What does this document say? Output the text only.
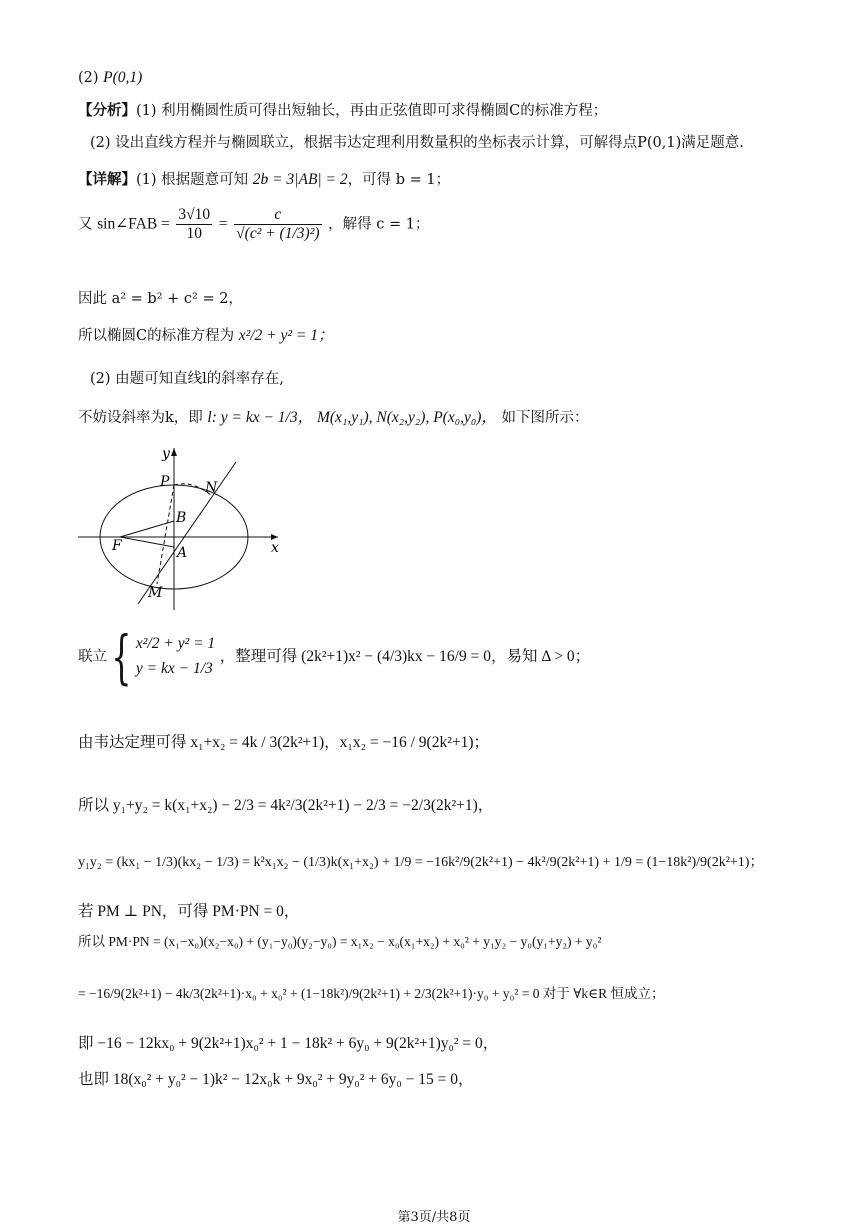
(2) P(0,1)
【分析】(1) 利用椭圆性质可得出短轴长，再由正弦值即可求得椭圆C的标准方程；
(2) 设出直线方程并与椭圆联立，根据韦达定理利用数量积的坐标表示计算，可解得点P(0,1)满足题意.
【详解】(1) 根据题意可知 2b = 3|AB| = 2，可得 b = 1；
又 sin∠FAB = $\frac{3√10}{10} = \frac{c}{\text{√(c² + (1/3)²)}}$ ，解得 c = 1；
因此 a² = b² + c² = 2，
所以椭圆C的标准方程为 x²/2 + y² = 1；
(2) 由题可知直线l的斜率存在,
不妨设斜率为k，即 l: y = kx − 1/3， M(x₁,y₁), N(x₂,y₂), P(x₀,y₀)， 如下图所示：
y
x
P	N
B
F	A
M
联立{ x²/2 + y² = 1
y = kx − 1/3
，整理可得 (2k²+1)x² − (4/3)kx − 16/9 = 0，易知 Δ > 0；
由韦达定理可得 x₁+x₂ = 4k / 3(2k²+1)，x₁x₂ = −16 / 9(2k²+1)；
所以 y₁+y₂ = k(x₁+x₂) − 2/3 = 4k²/3(2k²+1) − 2/3 = −2/3(2k²+1)，
y₁y₂ = (kx₁ − 1/3)(kx₂ − 1/3) = k²x₁x₂ − (1/3)k(x₁+x₂) + 1/9 = −16k²/9(2k²+1) − 4k²/9(2k²+1) + 1/9 = (1−18k²)/9(2k²+1)；
若 PM ⊥ PN，可得 PM·PN = 0，
所以 PM·PN = (x₁−x₀)(x₂−x₀) + (y₁−y₀)(y₂−y₀) = x₁x₂ − x₀(x₁+x₂) + x₀² + y₁y₂ − y₀(y₁+y₂) + y₀²
= −16/9(2k²+1) − 4k/3(2k²+1)·x₀ + x₀² + (1−18k²)/9(2k²+1) + 2/3(2k²+1)·y₀ + y₀² = 0 对于 ∀k∈R 恒成立；
即 −16 − 12kx₀ + 9(2k²+1)x₀² + 1 − 18k² + 6y₀ + 9(2k²+1)y₀² = 0，
也即 18(x₀² + y₀² − 1)k² − 12x₀k + 9x₀² + 9y₀² + 6y₀ − 15 = 0，
第3页/共8页
